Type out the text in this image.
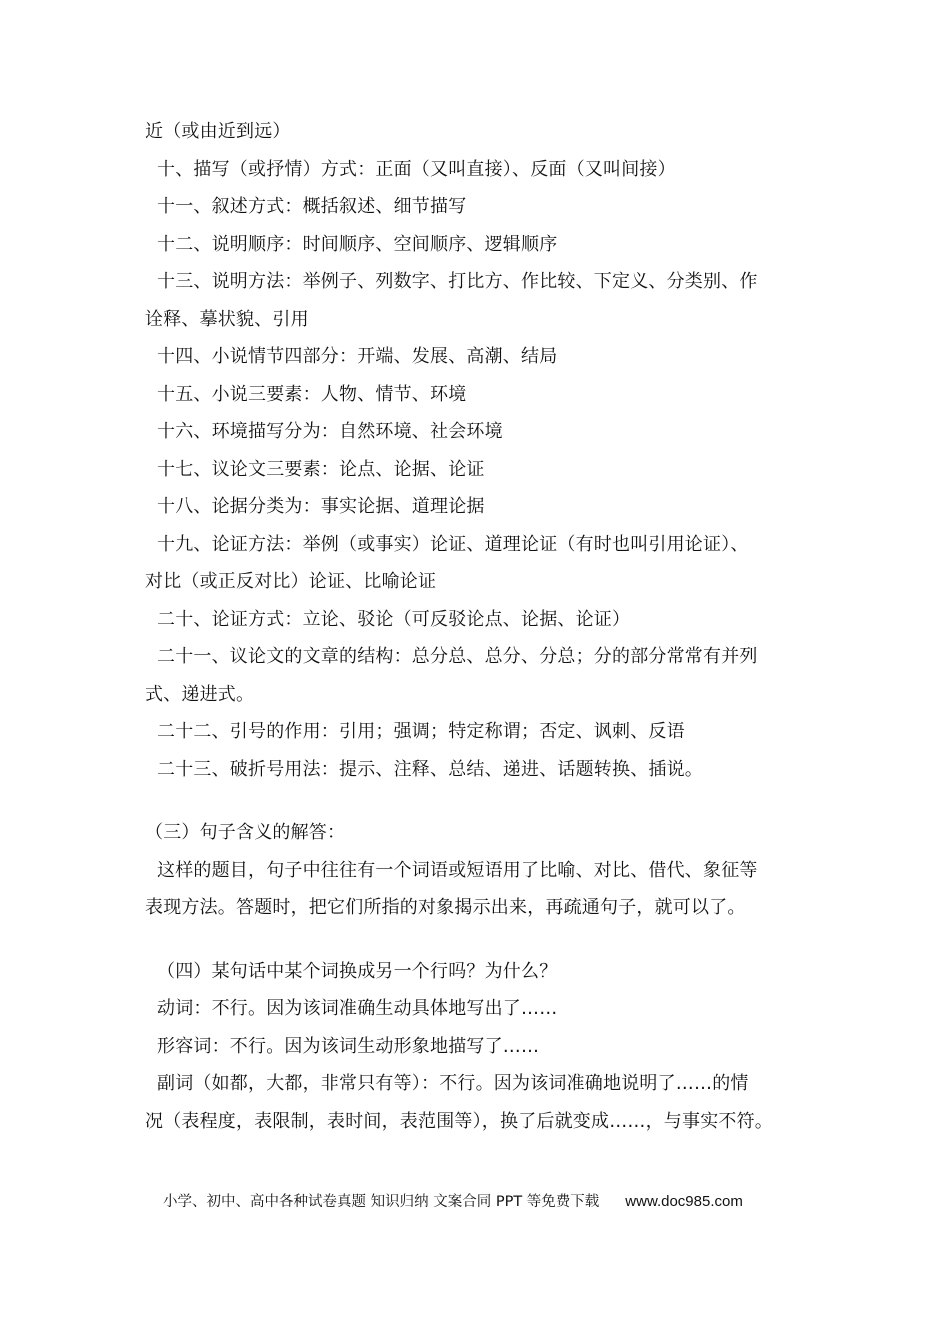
近（或由近到远）
十、描写（或抒情）方式：正面（又叫直接）、反面（又叫间接）
十一、叙述方式：概括叙述、细节描写
十二、说明顺序：时间顺序、空间顺序、逻辑顺序
十三、说明方法：举例子、列数字、打比方、作比较、下定义、分类别、作
诠释、摹状貌、引用
十四、小说情节四部分：开端、发展、高潮、结局
十五、小说三要素：人物、情节、环境
十六、环境描写分为：自然环境、社会环境
十七、议论文三要素：论点、论据、论证
十八、论据分类为：事实论据、道理论据
十九、论证方法：举例（或事实）论证、道理论证（有时也叫引用论证）、
对比（或正反对比）论证、比喻论证
二十、论证方式：立论、驳论（可反驳论点、论据、论证）
二十一、议论文的文章的结构：总分总、总分、分总；分的部分常常有并列
式、递进式。
二十二、引号的作用：引用；强调；特定称谓；否定、讽刺、反语
二十三、破折号用法：提示、注释、总结、递进、话题转换、插说。
（三）句子含义的解答：
这样的题目，句子中往往有一个词语或短语用了比喻、对比、借代、象征等
表现方法。答题时，把它们所指的对象揭示出来，再疏通句子，就可以了。
（四）某句话中某个词换成另一个行吗？为什么？
动词：不行。因为该词准确生动具体地写出了……
形容词：不行。因为该词生动形象地描写了……
副词（如都，大都，非常只有等）：不行。因为该词准确地说明了……的情
况（表程度，表限制，表时间，表范围等），换了后就变成……，与事实不符。
小学、初中、高中各种试卷真题 知识归纳 文案合同 PPT 等免费下载 www.doc985.com
